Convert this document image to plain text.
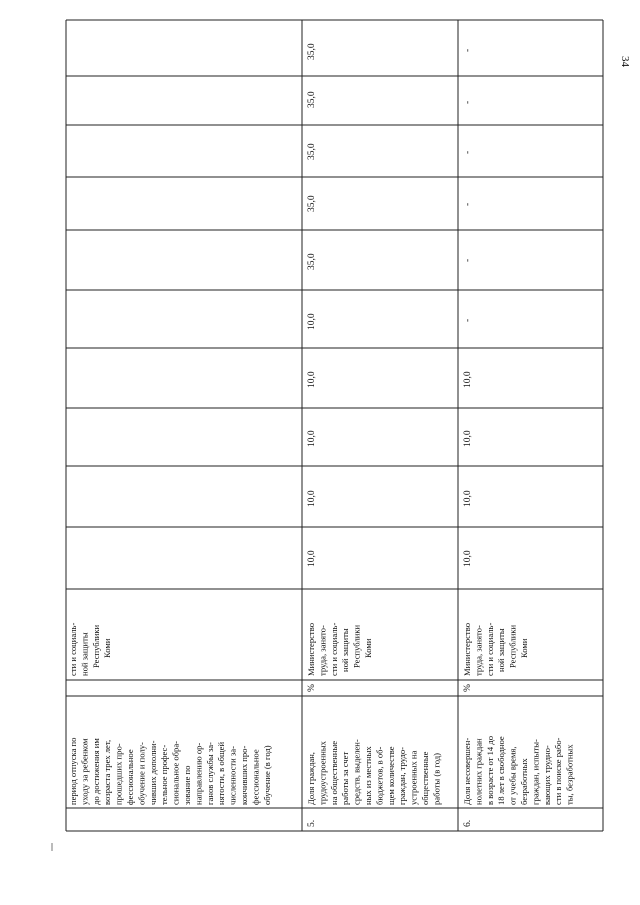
34
период отпуска по уходу за ребенком до достижения им возраста трех лет, прошедших про- фессиональное обучение и полу- чивших дополни- тельное профес- сиональное обра- зование по направлению ор- ганов службы за- нятости, в общей численности за- кончивших про- фессиональное обучение (в год)
сти и социаль- ной защиты Республики Коми
35,0
35,0
35,0
35,0
35,0
5.
Доля граждан, трудоустроенных на общественные работы за счет средств, выделен- ных из местных бюджетов, в об- щем количестве граждан, трудо- устроенных на общественные работы (в год)
%
Министерство труда, занято- сти и социаль- ной защиты Республики Коми
10,0
10,0
10,0
10,0
10,0
6.
Доля несовершен- нолетних граждан в возрасте от 14 до 18 лет в свободное от учебы время, безработных граждан, испыты- вающих трудно- сти в поиске рабо- ты, безработных
%
Министерство труда, занято- сти и социаль- ной защиты Республики Коми
10,0
10,0
10,0
10,0
-
-
-
-
-
-
